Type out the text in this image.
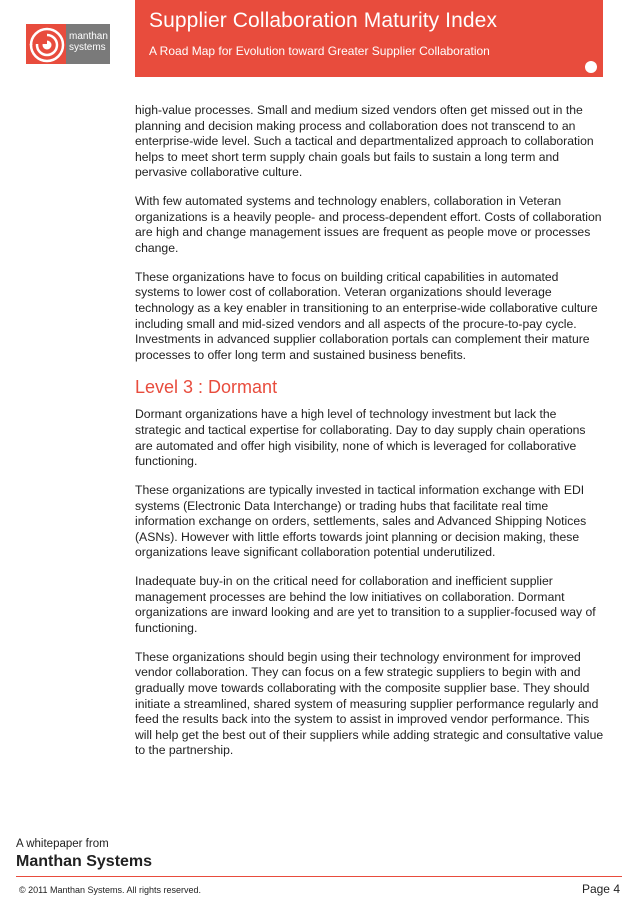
manthan
systems
Supplier Collaboration Maturity Index
A Road Map for Evolution toward Greater Supplier Collaboration

high-value processes. Small and medium sized vendors often get missed out in the planning and decision making process and collaboration does not transcend to an enterprise-wide level. Such a tactical and departmentalized approach to collaboration helps to meet short term supply chain goals but fails to sustain a long term and pervasive collaborative culture.

With few automated systems and technology enablers, collaboration in Veteran organizations is a heavily people- and process-dependent effort. Costs of collaboration are high and change management issues are frequent as people move or processes change.

These organizations have to focus on building critical capabilities in automated systems to lower cost of collaboration. Veteran organizations should leverage technology as a key enabler in transitioning to an enterprise-wide collaborative culture including small and mid-sized vendors and all aspects of the procure-to-pay cycle. Investments in advanced supplier collaboration portals can complement their mature processes to offer long term and sustained business benefits.

Level 3 : Dormant

Dormant organizations have a high level of technology investment but lack the strategic and tactical expertise for collaborating. Day to day supply chain operations are automated and offer high visibility, none of which is leveraged for collaborative functioning.

These organizations are typically invested in tactical information exchange with EDI systems (Electronic Data Interchange) or trading hubs that facilitate real time information exchange on orders, settlements, sales and Advanced Shipping Notices (ASNs). However with little efforts towards joint planning or decision making, these organizations leave significant collaboration potential underutilized.

Inadequate buy-in on the critical need for collaboration and inefficient supplier management processes are behind the low initiatives on collaboration. Dormant organizations are inward looking and are yet to transition to a supplier-focused way of functioning.

These organizations should begin using their technology environment for improved vendor collaboration. They can focus on a few strategic suppliers to begin with and gradually move towards collaborating with the composite supplier base. They should initiate a streamlined, shared system of measuring supplier performance regularly and feed the results back into the system to assist in improved vendor performance. This will help get the best out of their suppliers while adding strategic and consultative value to the partnership.

A whitepaper from
Manthan Systems
© 2011 Manthan Systems. All rights reserved.	Page 4
